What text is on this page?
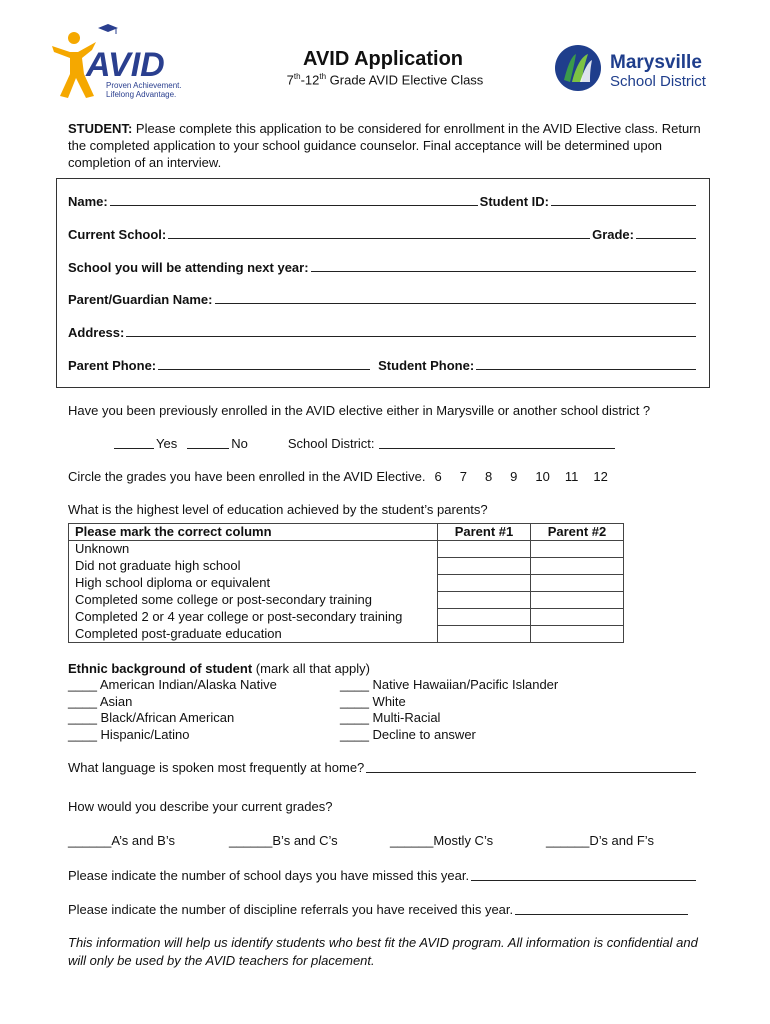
AVID
Proven Achievement.
Lifelong Advantage.
AVID Application
7th-12th Grade AVID Elective Class
Marysville
School District
STUDENT: Please complete this application to be considered for enrollment in the AVID Elective class. Return the completed application to your school guidance counselor. Final acceptance will be determined upon completion of an interview.
Name:	Student ID:
Current School:	Grade:
School you will be attending next year:
Parent/Guardian Name:
Address:
Parent Phone:	Student Phone:
Have you been previously enrolled in the AVID elective either in Marysville or another school district ?
Yes	No	School District:
Circle the grades you have been enrolled in the AVID Elective. 6 7 8 9 10 11 12
What is the highest level of education achieved by the student’s parents?
Please mark the correct column	Parent #1	Parent #2
Unknown		
Did not graduate high school		
High school diploma or equivalent		
Completed some college or post-secondary training		
Completed 2 or 4 year college or post-secondary training		
Completed post-graduate education		
Ethnic background of student (mark all that apply)
____ American Indian/Alaska Native
____ Asian
____ Black/African American
____ Hispanic/Latino
____ Native Hawaiian/Pacific Islander
____ White
____ Multi-Racial
____ Decline to answer
What language is spoken most frequently at home?
How would you describe your current grades?
______A’s and B’s	______B’s and C’s	______Mostly C’s	______D’s and F’s
Please indicate the number of school days you have missed this year.
Please indicate the number of discipline referrals you have received this year.
This information will help us identify students who best fit the AVID program. All information is confidential and will only be used by the AVID teachers for placement.
